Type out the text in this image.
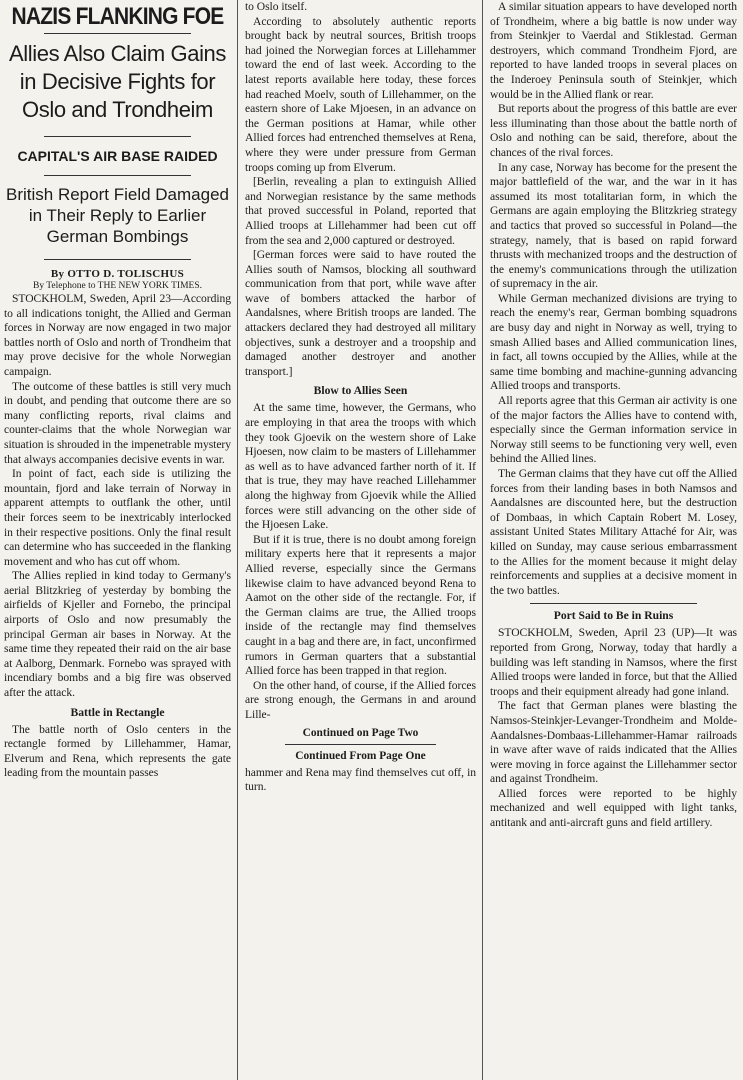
NAZIS FLANKING FOE

Allies Also Claim Gains

in Decisive Fights for

Oslo and Trondheim

CAPITAL'S AIR BASE RAIDED

British Report Field Damaged

in Their Reply to Earlier

German Bombings

By OTTO D. TOLISCHUS

By Telephone to THE NEW YORK TIMES.

STOCKHOLM, Sweden, April 23—According to all indications tonight, the Allied and German forces in Norway are now engaged in two major battles north of Oslo and north of Trondheim that may prove decisive for the whole Norwegian campaign.

The outcome of these battles is still very much in doubt, and pending that outcome there are so many conflicting reports, rival claims and counter-claims that the whole Norwegian war situation is shrouded in the impenetrable mystery that always accompanies decisive events in war.

In point of fact, each side is utilizing the mountain, fjord and lake terrain of Norway in apparent attempts to outflank the other, until their forces seem to be inextricably interlocked in their respective positions. Only the final result can determine who has succeeded in the flanking movement and who has cut off whom.

The Allies replied in kind today to Germany's aerial Blitzkrieg of yesterday by bombing the airfields of Kjeller and Fornebo, the principal airports of Oslo and now presumably the principal German air bases in Norway. At the same time they repeated their raid on the air base at Aalborg, Denmark. Fornebo was sprayed with incendiary bombs and a big fire was observed after the attack.

Battle in Rectangle

The battle north of Oslo centers in the rectangle formed by Lillehammer, Hamar, Elverum and Rena, which represents the gate leading from the mountain passes

to Oslo itself.

According to absolutely authentic reports brought back by neutral sources, British troops had joined the Norwegian forces at Lillehammer toward the end of last week. According to the latest reports available here today, these forces had reached Moelv, south of Lillehammer, on the eastern shore of Lake Mjoesen, in an advance on the German positions at Hamar, while other Allied forces had entrenched themselves at Rena, where they were under pressure from German troops coming up from Elverum.

[Berlin, revealing a plan to extinguish Allied and Norwegian resistance by the same methods that proved successful in Poland, reported that Allied troops at Lillehammer had been cut off from the sea and 2,000 captured or destroyed.

[German forces were said to have routed the Allies south of Namsos, blocking all southward communication from that port, while wave after wave of bombers attacked the harbor of Aandalsnes, where British troops are landed. The attackers declared they had destroyed all military objectives, sunk a destroyer and a troopship and damaged another destroyer and another transport.]

Blow to Allies Seen

At the same time, however, the Germans, who are employing in that area the troops with which they took Gjoevik on the western shore of Lake Hjoesen, now claim to be masters of Lillehammer as well as to have advanced farther north of it. If that is true, they may have reached Lillehammer along the highway from Gjoevik while the Allied forces were still advancing on the other side of the Hjoesen Lake.

But if it is true, there is no doubt among foreign military experts here that it represents a major Allied reverse, especially since the Germans likewise claim to have advanced beyond Rena to Aamot on the other side of the rectangle. For, if the German claims are true, the Allied troops inside of the rectangle may find themselves caught in a bag and there are, in fact, unconfirmed rumors in German quarters that a substantial Allied force has been trapped in that region.

On the other hand, of course, if the Allied forces are strong enough, the Germans in and around Lille-

Continued on Page Two

Continued From Page One

hammer and Rena may find themselves cut off, in turn.

A similar situation appears to have developed north of Trondheim, where a big battle is now under way from Steinkjer to Vaerdal and Stiklestad. German destroyers, which command Trondheim Fjord, are reported to have landed troops in several places on the Inderoey Peninsula south of Steinkjer, which would be in the Allied flank or rear.

But reports about the progress of this battle are ever less illuminating than those about the battle north of Oslo and nothing can be said, therefore, about the chances of the rival forces.

In any case, Norway has become for the present the major battlefield of the war, and the war in it has assumed its most totalitarian form, in which the Germans are again employing the Blitzkrieg strategy and tactics that proved so successful in Poland—the strategy, namely, that is based on rapid forward thrusts with mechanized troops and the destruction of the enemy's communications through the utilization of supremacy in the air.

While German mechanized divisions are trying to reach the enemy's rear, German bombing squadrons are busy day and night in Norway as well, trying to smash Allied bases and Allied communication lines, in fact, all towns occupied by the Allies, while at the same time bombing and machine-gunning advancing Allied troops and transports.

All reports agree that this German air activity is one of the major factors the Allies have to contend with, especially since the German information service in Norway still seems to be functioning very well, even behind the Allied lines.

The German claims that they have cut off the Allied forces from their landing bases in both Namsos and Aandalsnes are discounted here, but the destruction of Dombaas, in which Captain Robert M. Losey, assistant United States Military Attaché for Air, was killed on Sunday, may cause serious embarrassment to the Allies for the moment because it might delay reinforcements and supplies at a decisive moment in the two battles.

Port Said to Be in Ruins

STOCKHOLM, Sweden, April 23 (UP)—It was reported from Grong, Norway, today that hardly a building was left standing in Namsos, where the first Allied troops were landed in force, but that the Allied troops and their equipment already had gone inland.

The fact that German planes were blasting the Namsos-Steinkjer-Levanger-Trondheim and Molde-Aandalsnes-Dombaas-Lillehammer-Hamar railroads in wave after wave of raids indicated that the Allies were moving in force against the Lillehammer sector and against Trondheim.

Allied forces were reported to be highly mechanized and well equipped with light tanks, antitank and anti-aircraft guns and field artillery.
